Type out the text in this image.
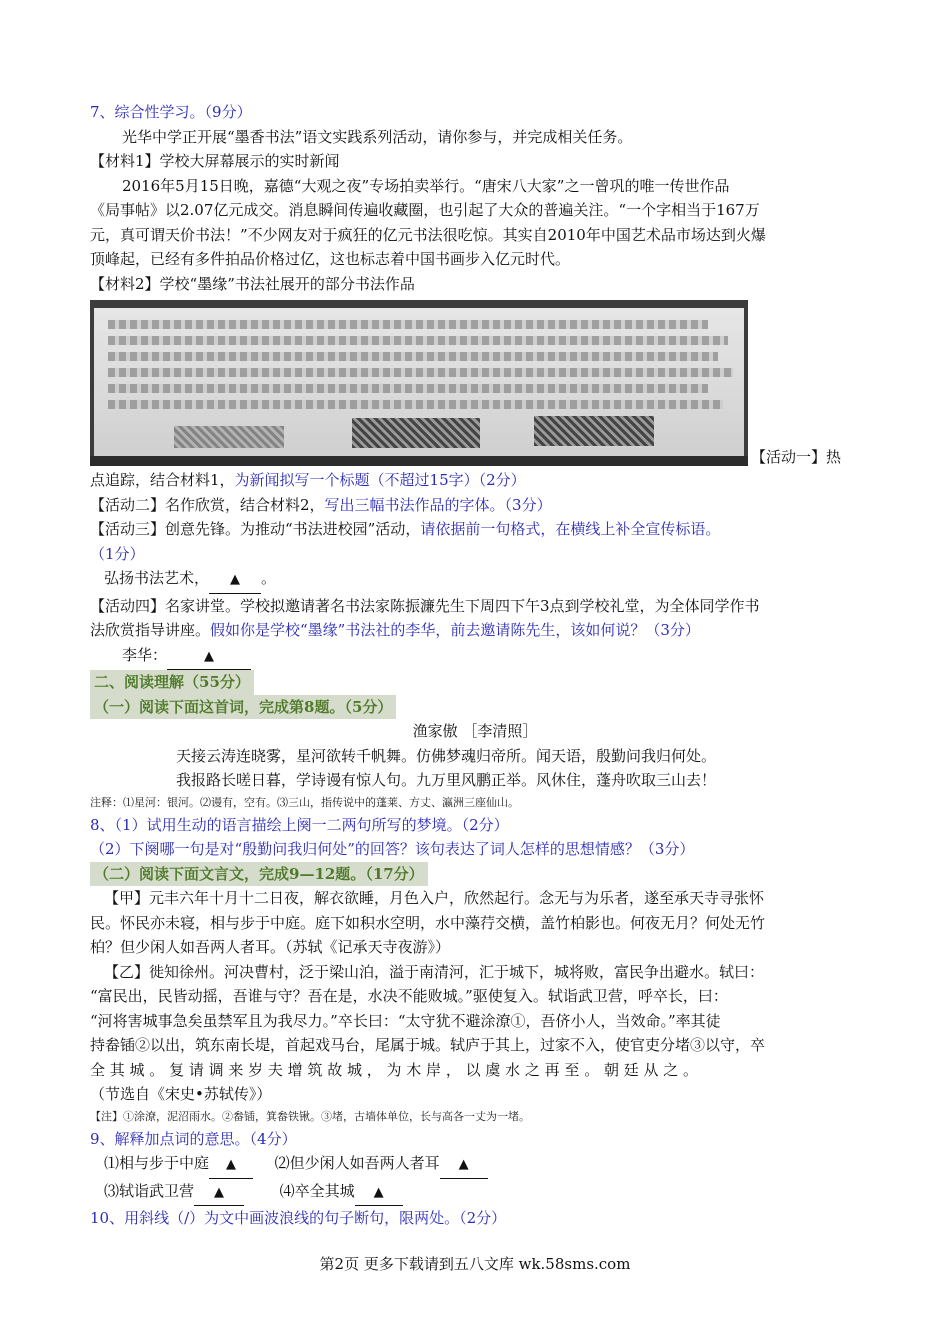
7、综合性学习。（9分）
光华中学正开展“墨香书法”语文实践系列活动，请你参与，并完成相关任务。
【材料1】学校大屏幕展示的实时新闻
2016年5月15日晚，嘉德“大观之夜”专场拍卖举行。“唐宋八大家”之一曾巩的唯一传世作品
《局事帖》以2.07亿元成交。消息瞬间传遍收藏圈，也引起了大众的普遍关注。“一个字相当于167万
元，真可谓天价书法！”不少网友对于疯狂的亿元书法很吃惊。其实自2010年中国艺术品市场达到火爆
顶峰起，已经有多件拍品价格过亿，这也标志着中国书画步入亿元时代。
【材料2】学校“墨缘”书法社展开的部分书法作品
【活动一】热
点追踪，结合材料1，为新闻拟写一个标题（不超过15字）（2分）
【活动二】名作欣赏，结合材料2，写出三幅书法作品的字体。（3分）
【活动三】创意先锋。为推动“书法进校园”活动，请依据前一句格式，在横线上补全宣传标语。
（1分）
弘扬书法艺术， ▲ 。
【活动四】名家讲堂。学校拟邀请著名书法家陈振濂先生下周四下午3点到学校礼堂，为全体同学作书
法欣赏指导讲座。假如你是学校“墨缘”书法社的李华，前去邀请陈先生，该如何说？（3分）
李华：	▲
二、阅读理解（55分）
（一）阅读下面这首词，完成第8题。（5分）
渔家傲 ［李清照］
天接云涛连晓雾，星河欲转千帆舞。仿佛梦魂归帝所。闻天语，殷勤问我归何处。
我报路长嗟日暮，学诗谩有惊人句。九万里风鹏正举。风休住，蓬舟吹取三山去！
注释：⑴星河：银河。⑵谩有，空有。⑶三山，指传说中的蓬莱、方丈、瀛洲三座仙山。
8、（1）试用生动的语言描绘上阕一二两句所写的梦境。（2分）
（2）下阕哪一句是对“殷勤问我归何处”的回答？该句表达了词人怎样的思想情感？（3分）
（二）阅读下面文言文，完成9—12题。（17分）
【甲】元丰六年十月十二日夜，解衣欲睡，月色入户，欣然起行。念无与为乐者，遂至承天寺寻张怀
民。怀民亦未寝，相与步于中庭。庭下如积水空明，水中藻荇交横，盖竹柏影也。何夜无月？何处无竹
柏？但少闲人如吾两人者耳。（苏轼《记承天寺夜游》）
【乙】徙知徐州。河决曹村，泛于梁山泊，溢于南清河，汇于城下，城将败，富民争出避水。轼曰：
“富民出，民皆动摇，吾谁与守？吾在是，水决不能败城。”驱使复入。轼诣武卫营，呼卒长，曰：
“河将害城事急矣虽禁军且为我尽力。”卒长曰：“太守犹不避涂潦①，吾侪小人，当效命。”率其徒
持畚锸②以出，筑东南长堤，首起戏马台，尾属于城。轼庐于其上，过家不入，使官吏分堵③以守，卒
全 其 城 。 复 请 调 来 岁 夫 增 筑 故 城 ， 为 木 岸 ， 以 虞 水 之 再 至 。 朝 廷 从 之 。
（节选自《宋史•苏轼传》）
【注】①涂潦，泥沼雨水。②畚锸，箕畚铁锹。③堵，古墙体单位，长与高各一丈为一堵。
9、解释加点词的意思。（4分）
⑴相与步于中庭 ▲	⑵但少闲人如吾两人者耳 ▲
⑶轼诣武卫营 ▲	⑷卒全其城 ▲
10、用斜线（/）为文中画波浪线的句子断句，限两处。（2分）
第2页 更多下载请到五八文库 wk.58sms.com
